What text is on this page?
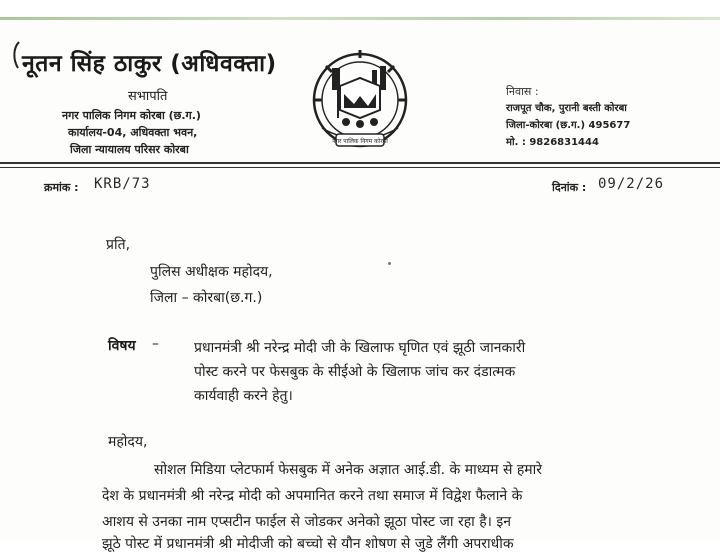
नूतन सिंह ठाकुर (अधिवक्ता)
सभापति
नगर पालिक निगम कोरबा (छ.ग.)
कार्यालय-04, अधिवक्ता भवन,
जिला न्यायालय परिसर कोरबा
नगर पालिक निगम कोरबा
निवास :
राजपूत चौक, पुरानी बस्ती कोरबा
जिला-कोरबा (छ.ग.) 495677
मो. : 9826831444
क्रमांक : KRB/73	दिनांक : 09/2/26
प्रति,
पुलिस अधीक्षक महोदय,
जिला – कोरबा(छ.ग.)
विषय –	प्रधानमंत्री श्री नरेन्द्र मोदी जी के खिलाफ घृणित एवं झूठी जानकारी
पोस्ट करने पर फेसबुक के सीईओ के खिलाफ जांच कर दंडात्मक
कार्यवाही करने हेतु।
महोदय,
सोशल मिडिया प्लेटफार्म फेसबुक में अनेक अज्ञात आई.डी. के माध्यम से हमारे
देश के प्रधानमंत्री श्री नरेन्द्र मोदी को अपमानित करने तथा समाज में विद्वेश फैलाने के
आशय से उनका नाम एप्सटीन फाईल से जोडकर अनेको झूठा पोस्ट जा रहा है। इन
झूठे पोस्ट में प्रधानमंत्री श्री मोदीजी को बच्चो से यौन शोषण से जुडे लैंगी अपराधीक
